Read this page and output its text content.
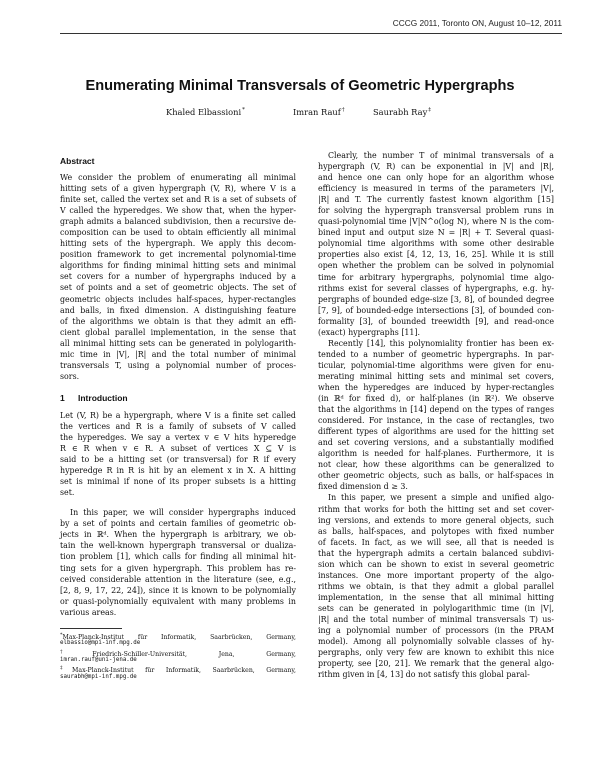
CCCG 2011, Toronto ON, August 10–12, 2011
Enumerating Minimal Transversals of Geometric Hypergraphs
Khaled Elbassioni*	Imran Rauf†	Saurabh Ray‡
Abstract
We consider the problem of enumerating all minimal
hitting sets of a given hypergraph (V, R), where V is a
finite set, called the vertex set and R is a set of subsets of
V called the hyperedges. We show that, when the hyper-
graph admits a balanced subdivision, then a recursive de-
composition can be used to obtain efficiently all minimal
hitting sets of the hypergraph. We apply this decom-
position framework to get incremental polynomial-time
algorithms for finding minimal hitting sets and minimal
set covers for a number of hypergraphs induced by a
set of points and a set of geometric objects. The set of
geometric objects includes half-spaces, hyper-rectangles
and balls, in fixed dimension. A distinguishing feature
of the algorithms we obtain is that they admit an effi-
cient global parallel implementation, in the sense that
all minimal hitting sets can be generated in polylogarith-
mic time in |V|, |R| and the total number of minimal
transversals T, using a polynomial number of proces-
sors.
1 Introduction
Let (V, R) be a hypergraph, where V is a finite set called
the vertices and R is a family of subsets of V called
the hyperedges. We say a vertex v ∈ V hits hyperedge
R ∈ R when v ∈ R. A subset of vertices X ⊆ V is
said to be a hitting set (or transversal) for R if every
hyperedge R in R is hit by an element x in X. A hitting
set is minimal if none of its proper subsets is a hitting
set.
In this paper, we will consider hypergraphs induced
by a set of points and certain families of geometric ob-
jects in ℝᵈ. When the hypergraph is arbitrary, we ob-
tain the well-known hypergraph transversal or dualiza-
tion problem [1], which calls for finding all minimal hit-
ting sets for a given hypergraph. This problem has re-
ceived considerable attention in the literature (see, e.g.,
[2, 8, 9, 17, 22, 24]), since it is known to be polynomially
or quasi-polynomially equivalent with many problems in
various areas.
*Max-Planck-Institut für Informatik, Saarbrücken, Germany,
elbassio@mpi-inf.mpg.de
†Friedrich-Schiller-Universität, Jena, Germany,
imran.rauf@uni-jena.de
‡Max-Planck-Institut für Informatik, Saarbrücken, Germany,
saurabh@mpi-inf.mpg.de
Clearly, the number T of minimal transversals of a
hypergraph (V, R) can be exponential in |V| and |R|,
and hence one can only hope for an algorithm whose
efficiency is measured in terms of the parameters |V|,
|R| and T. The currently fastest known algorithm [15]
for solving the hypergraph transversal problem runs in
quasi-polynomial time |V|N^o(log N), where N is the com-
bined input and output size N = |R| + T. Several quasi-
polynomial time algorithms with some other desirable
properties also exist [4, 12, 13, 16, 25]. While it is still
open whether the problem can be solved in polynomial
time for arbitrary hypergraphs, polynomial time algo-
rithms exist for several classes of hypergraphs, e.g. hy-
pergraphs of bounded edge-size [3, 8], of bounded degree
[7, 9], of bounded-edge intersections [3], of bounded con-
formality [3], of bounded treewidth [9], and read-once
(exact) hypergraphs [11].
Recently [14], this polynomiality frontier has been ex-
tended to a number of geometric hypergraphs. In par-
ticular, polynomial-time algorithms were given for enu-
merating minimal hitting sets and minimal set covers,
when the hyperedges are induced by hyper-rectangles
(in ℝᵈ for fixed d), or half-planes (in ℝ²). We observe
that the algorithms in [14] depend on the types of ranges
considered. For instance, in the case of rectangles, two
different types of algorithms are used for the hitting set
and set covering versions, and a substantially modified
algorithm is needed for half-planes. Furthermore, it is
not clear, how these algorithms can be generalized to
other geometric objects, such as balls, or half-spaces in
fixed dimension d ≥ 3.
In this paper, we present a simple and unified algo-
rithm that works for both the hitting set and set cover-
ing versions, and extends to more general objects, such
as balls, half-spaces, and polytopes with fixed number
of facets. In fact, as we will see, all that is needed is
that the hypergraph admits a certain balanced subdivi-
sion which can be shown to exist in several geometric
instances. One more important property of the algo-
rithms we obtain, is that they admit a global parallel
implementation, in the sense that all minimal hitting
sets can be generated in polylogarithmic time (in |V|,
|R| and the total number of minimal transversals T) us-
ing a polynomial number of processors (in the PRAM
model). Among all polynomially solvable classes of hy-
pergraphs, only very few are known to exhibit this nice
property, see [20, 21]. We remark that the general algo-
rithm given in [4, 13] do not satisfy this global paral-
